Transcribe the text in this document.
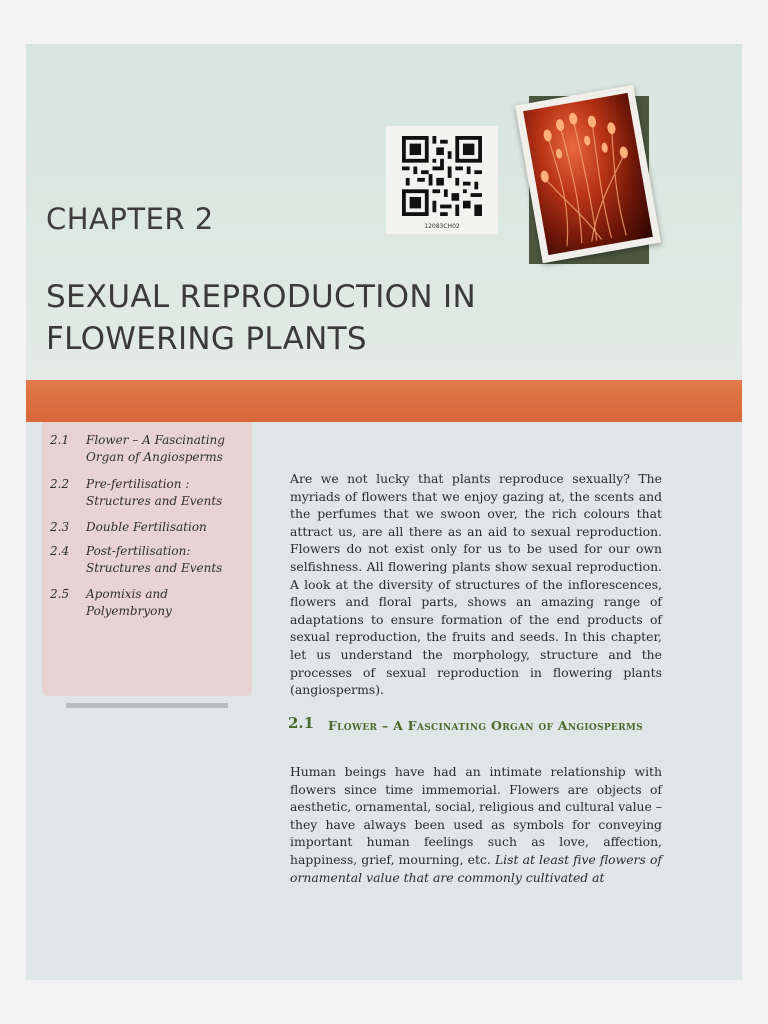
12083CH02
CHAPTER 2
SEXUAL REPRODUCTION IN FLOWERING PLANTS
2.1	Flower – A Fascinating Organ of Angiosperms
2.2	Pre-fertilisation : Structures and Events
2.3	Double Fertilisation
2.4	Post-fertilisation: Structures and Events
2.5	Apomixis and Polyembryony

Are we not lucky that plants reproduce sexually? The myriads of flowers that we enjoy gazing at, the scents and the perfumes that we swoon over, the rich colours that attract us, are all there as an aid to sexual reproduction. Flowers do not exist only for us to be used for our own selfishness. All flowering plants show sexual reproduction. A look at the diversity of structures of the inflorescences, flowers and floral parts, shows an amazing range of adaptations to ensure formation of the end products of sexual reproduction, the fruits and seeds. In this chapter, let us understand the morphology, structure and the processes of sexual reproduction in flowering plants (angiosperms).

2.1 Flower – A Fascinating Organ of Angiosperms

Human beings have had an intimate relationship with flowers since time immemorial. Flowers are objects of aesthetic, ornamental, social, religious and cultural value – they have always been used as symbols for conveying important human feelings such as love, affection, happiness, grief, mourning, etc. List at least five flowers of ornamental value that are commonly cultivated at
